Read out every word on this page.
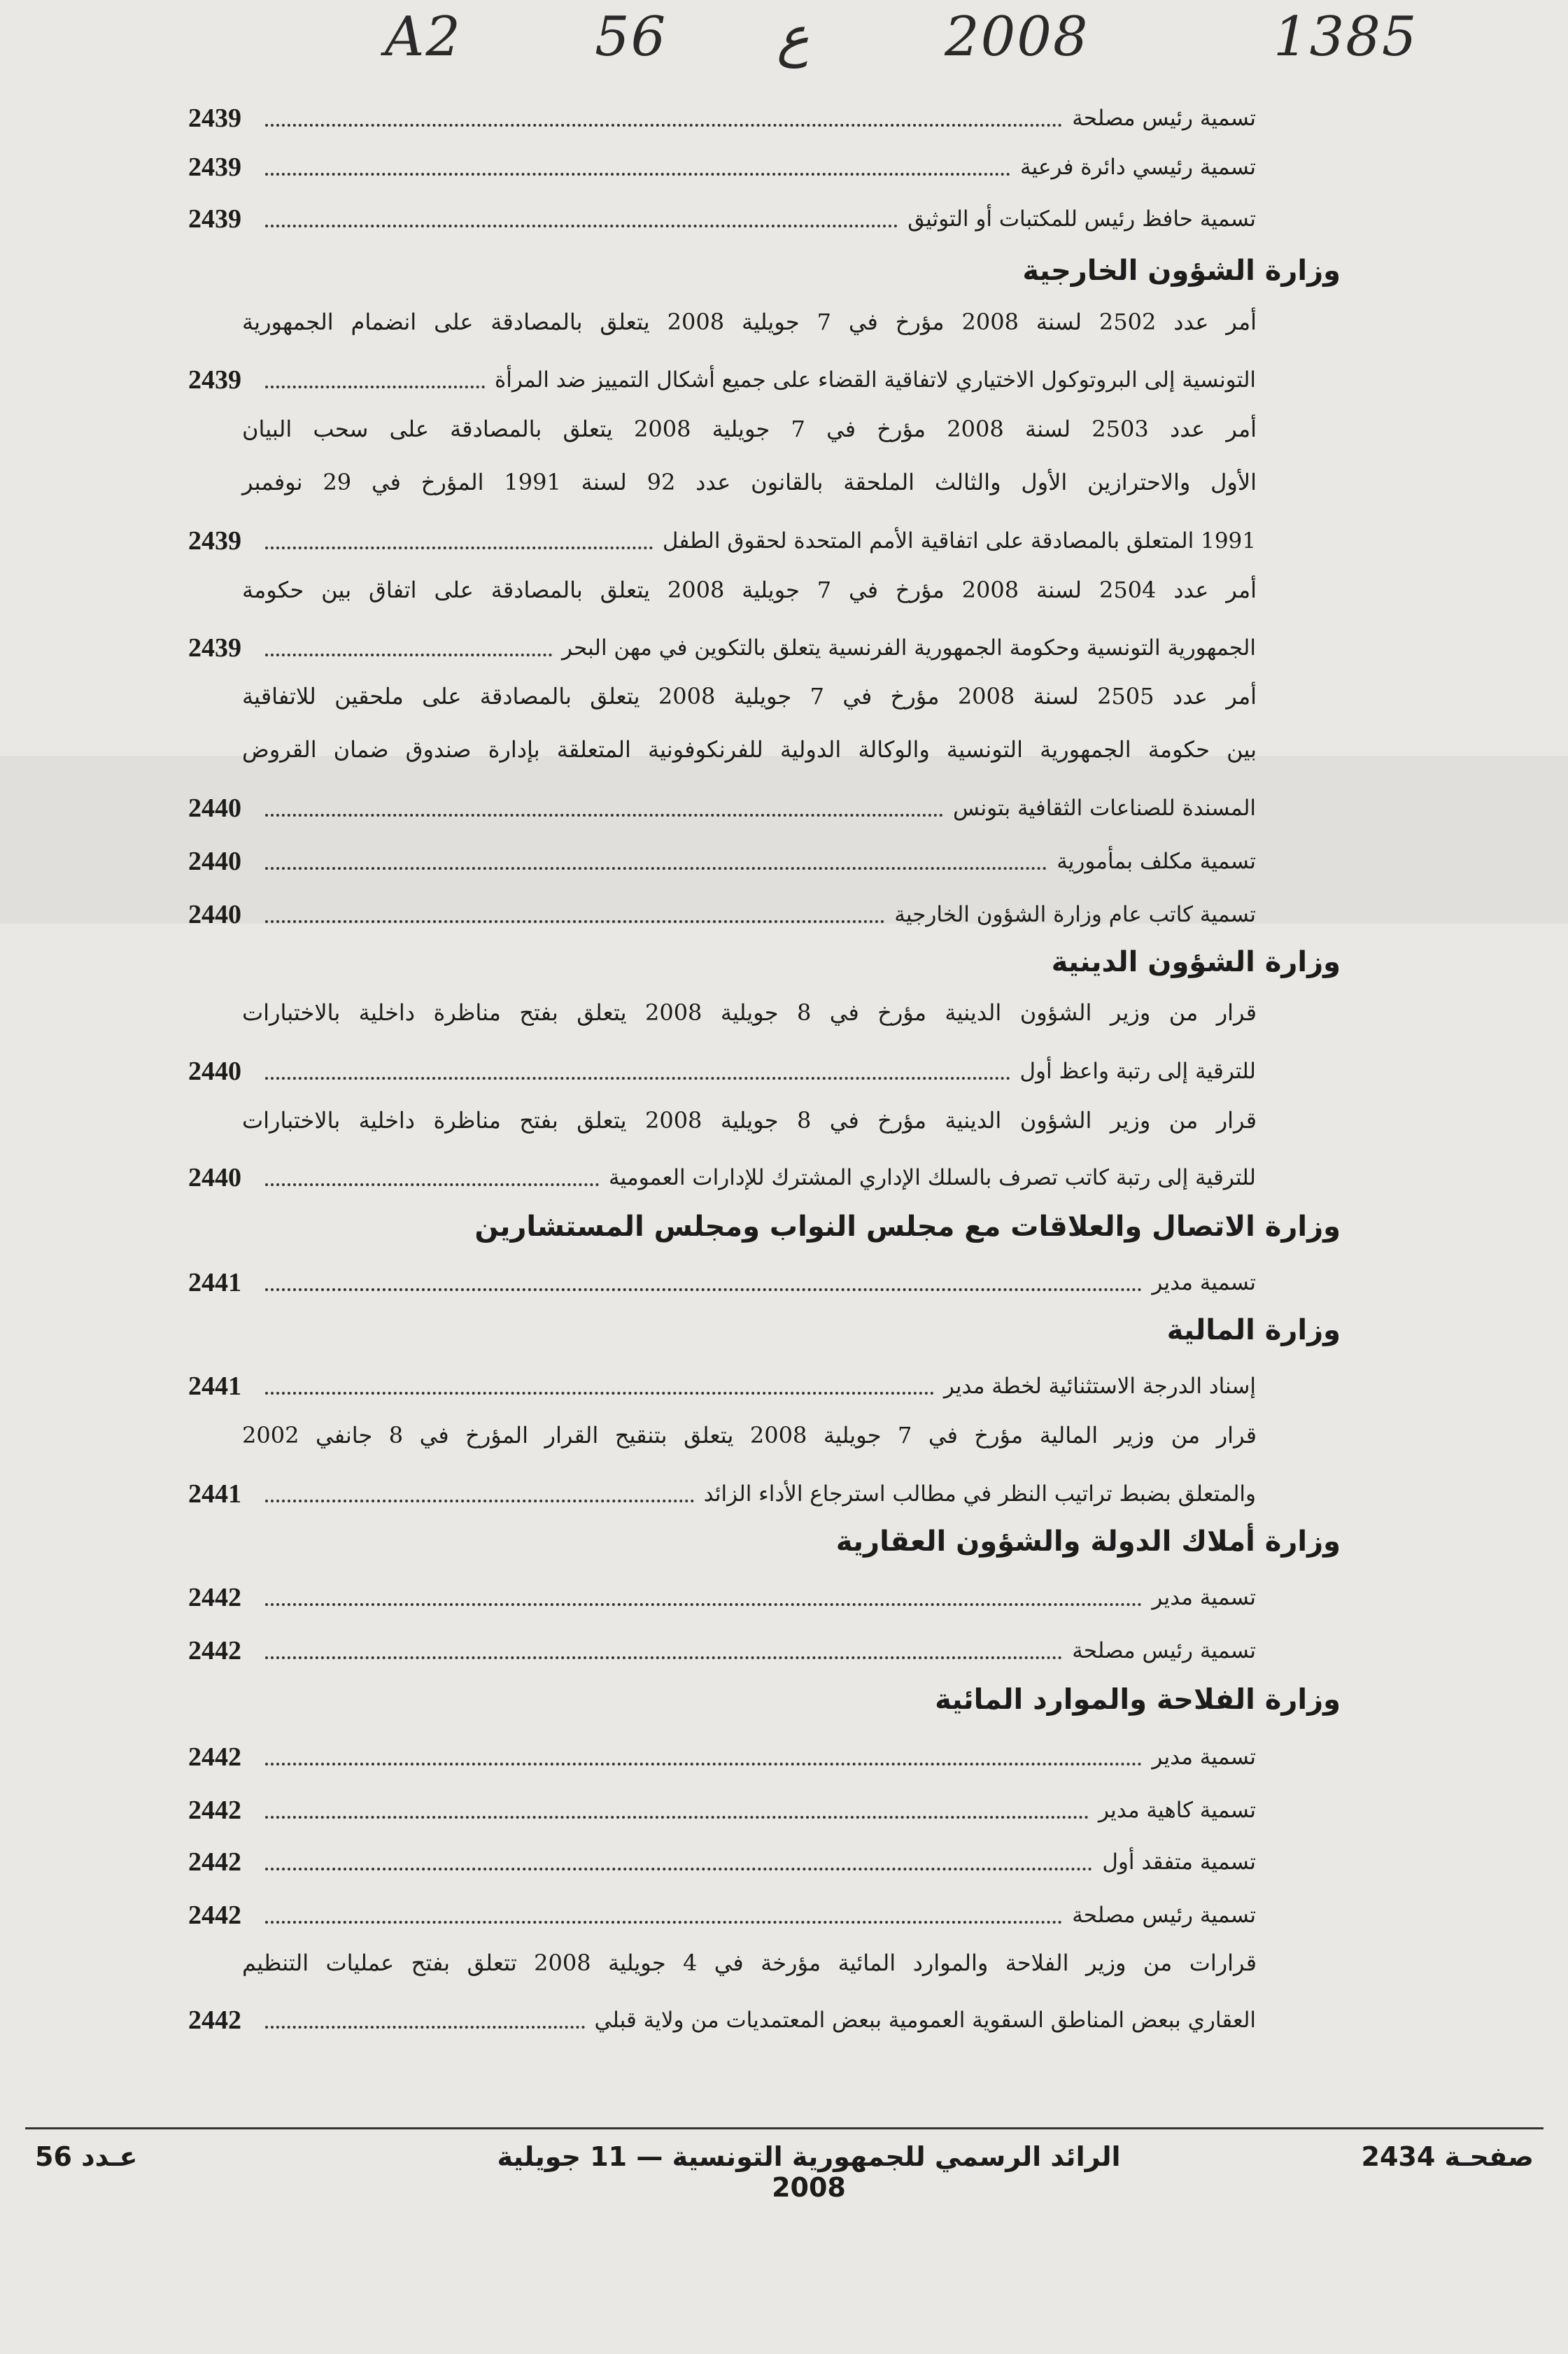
A2 56 ع 2008	1385
2439	تسمية رئيس مصلحة
2439	تسمية رئيسي دائرة فرعية
2439	تسمية حافظ رئيس للمكتبات أو التوثيق
وزارة الشؤون الخارجية
أمر عدد 2502 لسنة 2008 مؤرخ في 7 جويلية 2008 يتعلق بالمصادقة على انضمام الجمهورية
2439	التونسية إلى البروتوكول الاختياري لاتفاقية القضاء على جميع أشكال التمييز ضد المرأة
أمر عدد 2503 لسنة 2008 مؤرخ في 7 جويلية 2008 يتعلق بالمصادقة على سحب البيان
الأول والاحترازين الأول والثالث الملحقة بالقانون عدد 92 لسنة 1991 المؤرخ في 29 نوفمبر
2439	1991 المتعلق بالمصادقة على اتفاقية الأمم المتحدة لحقوق الطفل
أمر عدد 2504 لسنة 2008 مؤرخ في 7 جويلية 2008 يتعلق بالمصادقة على اتفاق بين حكومة
2439	الجمهورية التونسية وحكومة الجمهورية الفرنسية يتعلق بالتكوين في مهن البحر
أمر عدد 2505 لسنة 2008 مؤرخ في 7 جويلية 2008 يتعلق بالمصادقة على ملحقين للاتفاقية
بين حكومة الجمهورية التونسية والوكالة الدولية للفرنكوفونية المتعلقة بإدارة صندوق ضمان القروض
2440	المسندة للصناعات الثقافية بتونس
2440	تسمية مكلف بمأمورية
2440	تسمية كاتب عام وزارة الشؤون الخارجية
وزارة الشؤون الدينية
قرار من وزير الشؤون الدينية مؤرخ في 8 جويلية 2008 يتعلق بفتح مناظرة داخلية بالاختبارات
2440	للترقية إلى رتبة واعظ أول
قرار من وزير الشؤون الدينية مؤرخ في 8 جويلية 2008 يتعلق بفتح مناظرة داخلية بالاختبارات
2440	للترقية إلى رتبة كاتب تصرف بالسلك الإداري المشترك للإدارات العمومية
وزارة الاتصال والعلاقات مع مجلس النواب ومجلس المستشارين
2441	تسمية مدير
وزارة المالية
2441	إسناد الدرجة الاستثنائية لخطة مدير
قرار من وزير المالية مؤرخ في 7 جويلية 2008 يتعلق بتنقيح القرار المؤرخ في 8 جانفي 2002
2441	والمتعلق بضبط تراتيب النظر في مطالب استرجاع الأداء الزائد
وزارة أملاك الدولة والشؤون العقارية
2442	تسمية مدير
2442	تسمية رئيس مصلحة
وزارة الفلاحة والموارد المائية
2442	تسمية مدير
2442	تسمية كاهية مدير
2442	تسمية متفقد أول
2442	تسمية رئيس مصلحة
قرارات من وزير الفلاحة والموارد المائية مؤرخة في 4 جويلية 2008 تتعلق بفتح عمليات التنظيم
2442	العقاري ببعض المناطق السقوية العمومية ببعض المعتمديات من ولاية قبلي
عـدد 56	الرائد الرسمي للجمهورية التونسية — 11 جويلية 2008
صفحـة 2434
